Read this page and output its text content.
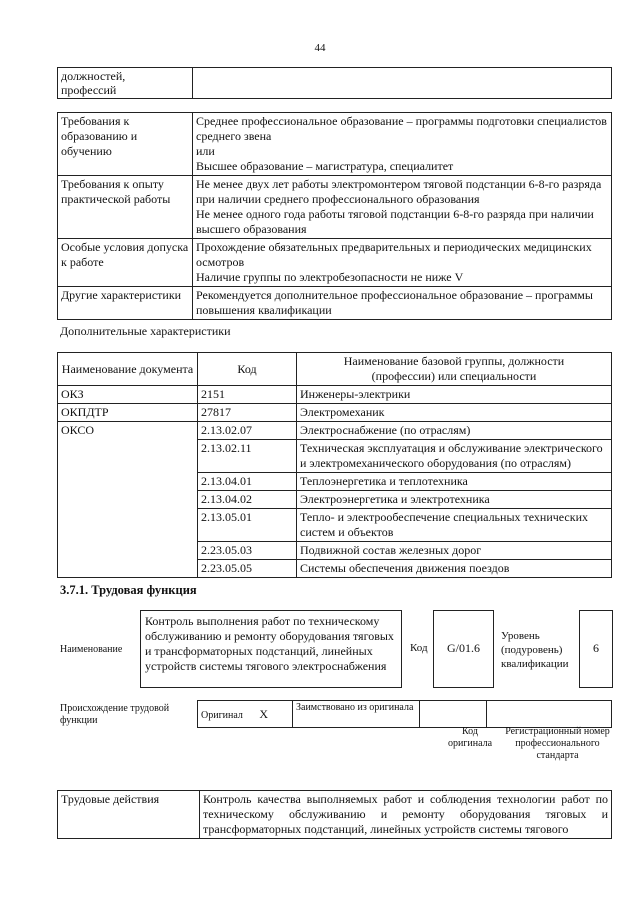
44
должностей,
профессий	
Требования к образованию и обучению	Среднее профессиональное образование – программы подготовки специалистов среднего звена
или
Высшее образование – магистратура, специалитет
Требования к опыту практической работы	Не менее двух лет работы электромонтером тяговой подстанции 6-8-го разряда при наличии среднего профессионального образования
Не менее одного года работы тяговой подстанции 6-8-го разряда при наличии высшего образования
Особые условия допуска к работе	Прохождение обязательных предварительных и периодических медицинских осмотров
Наличие группы по электробезопасности не ниже V
Другие характеристики	Рекомендуется дополнительное профессиональное образование – программы повышения квалификации
Дополнительные характеристики
Наименование документа	Код	Наименование базовой группы, должности (профессии) или специальности
ОКЗ	2151	Инженеры-электрики
ОКПДТР	27817	Электромеханик
ОКСО	2.13.02.07	Электроснабжение (по отраслям)
	2.13.02.11	Техническая эксплуатация и обслуживание электрического и электромеханического оборудования (по отраслям)
	2.13.04.01	Теплоэнергетика и теплотехника
	2.13.04.02	Электроэнергетика и электротехника
	2.13.05.01	Тепло- и электрообеспечение специальных технических систем и объектов
	2.23.05.03	Подвижной состав железных дорог
	2.23.05.05	Системы обеспечения движения поездов
3.7.1. Трудовая функция
Наименование
Контроль выполнения работ по техническому обслуживанию и ремонту оборудования тяговых и трансформаторных подстанций, линейных устройств системы тягового электроснабжения
Код	G/01.6
Уровень (подуровень) квалификации
6
Происхождение трудовой функции	Оригинал X	Заимствовано из оригинала		
Код оригинала
Регистрационный номер профессионального стандарта
Трудовые действия	Контроль качества выполняемых работ и соблюдения технологии работ по техническому обслуживанию и ремонту оборудования тяговых и трансформаторных подстанций, линейных устройств системы тягового
